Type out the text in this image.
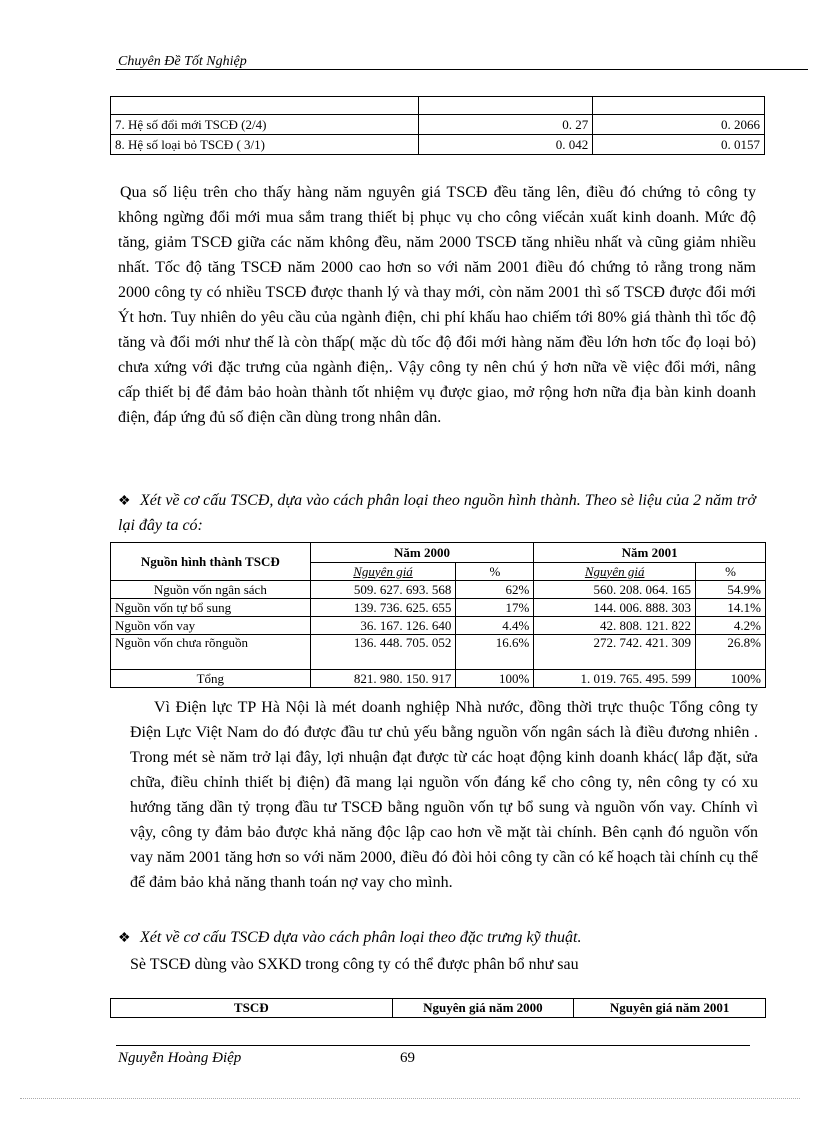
Chuyên Đề Tốt Nghiệp

7. Hệ số đổi mới TSCĐ (2/4)	0. 27	0. 2066
8. Hệ số loại bỏ TSCĐ ( 3/1)	0. 042	0. 0157
Qua số liệu trên cho thấy hàng năm nguyên giá TSCĐ đều tăng lên, điều đó chứng tỏ công ty không ngừng đổi mới mua sắm trang thiết bị phục vụ cho công viếcản xuất kinh doanh. Mức độ tăng, giảm TSCĐ giữa các năm không đều, năm 2000 TSCĐ tăng nhiều nhất và cũng giảm nhiều nhất. Tốc độ tăng TSCĐ năm 2000 cao hơn so với năm 2001 điều đó chứng tỏ rằng trong năm 2000 công ty có nhiều TSCĐ được thanh lý và thay mới, còn năm 2001 thì số TSCĐ được đổi mới Ýt hơn. Tuy nhiên do yêu cầu của ngành điện, chi phí khấu hao chiếm tới 80% giá thành thì tốc độ tăng và đổi mới như thế là còn thấp( mặc dù tốc độ đổi mới hàng năm đều lớn hơn tốc đọ loại bỏ) chưa xứng với đặc trưng của ngành điện,. Vậy công ty nên chú ý hơn nữa về việc đổi mới, nâng cấp thiết bị để đảm bảo hoàn thành tốt nhiệm vụ được giao, mở rộng hơn nữa địa bàn kinh doanh điện, đáp ứng đủ số điện cần dùng trong nhân dân.
❖ Xét về cơ cấu TSCĐ, dựa vào cách phân loại theo nguồn hình thành. Theo sè liệu của 2 năm trở lại đây ta có:
Nguồn hình thành TSCĐ	Năm 2000		Năm 2001	
	Nguyên giá	%	Nguyên giá	%
Nguồn vốn ngân sách	509. 627. 693. 568	62%	560. 208. 064. 165	54.9%
Nguồn vốn tự bổ sung	139. 736. 625. 655	17%	144. 006. 888. 303	14.1%
Nguồn vốn vay	36. 167. 126. 640	4.4%	42. 808. 121. 822	4.2%
Nguồn vốn chưa rõnguồn	136. 448. 705. 052	16.6%	272. 742. 421. 309	26.8%
Tổng	821. 980. 150. 917	100%	1. 019. 765. 495. 599	100%
Vì Điện lực TP Hà Nội là mét doanh nghiệp Nhà nước, đồng thời trực thuộc Tổng công ty Điện Lực Việt Nam do đó được đầu tư chủ yếu bằng nguồn vốn ngân sách là điều đương nhiên . Trong mét sè năm trở lại đây, lợi nhuận đạt được từ các hoạt động kinh doanh khác( lắp đặt, sửa chữa, điều chỉnh thiết bị điện) đã mang lại nguồn vốn đáng kể cho công ty, nên công ty có xu hướng tăng dần tỷ trọng đầu tư TSCĐ bằng nguồn vốn tự bổ sung và nguồn vốn vay. Chính vì vậy, công ty đảm bảo được khả năng độc lập cao hơn về mặt tài chính. Bên cạnh đó nguồn vốn vay năm 2001 tăng hơn so với năm 2000, điều đó đòi hỏi công ty cần có kế hoạch tài chính cụ thể để đảm bảo khả năng thanh toán nợ vay cho mình.
❖ Xét về cơ cấu TSCĐ dựa vào cách phân loại theo đặc trưng kỹ thuật.
Sè TSCĐ dùng vào SXKD trong công ty có thể được phân bổ như sau
TSCĐ	Nguyên giá năm 2000	Nguyên giá năm 2001
Nguyễn Hoàng Điệp	69
